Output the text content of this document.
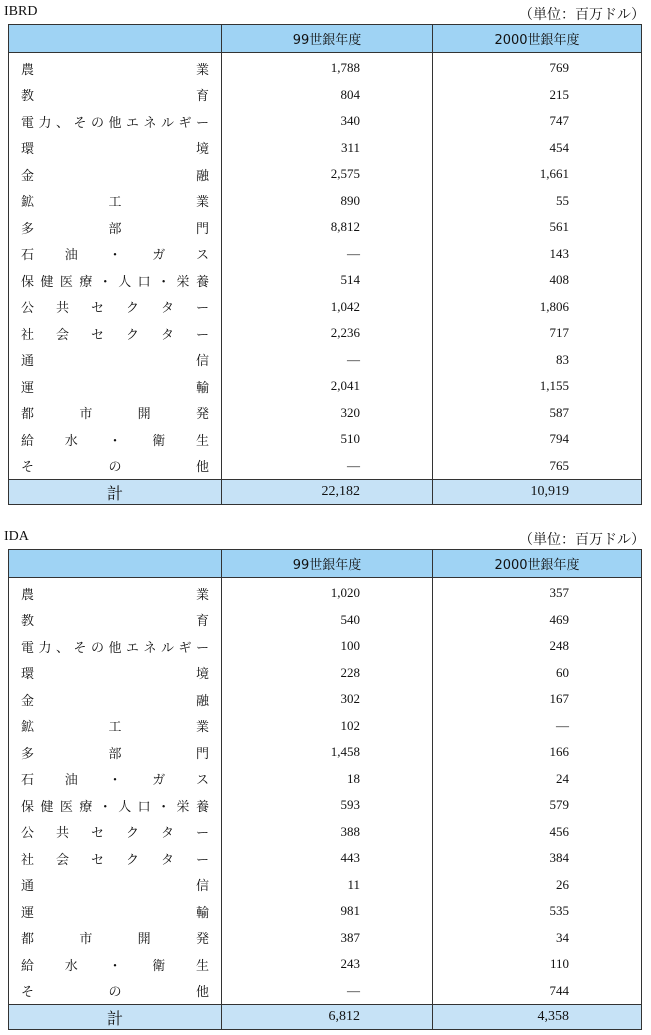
IBRD	（単位：百万ドル）
	99世銀年度	2000世銀年度

農　業	1,788	769

教　育	804	215

電力、その他エネルギー	340	747

環　境	311	454

金　融	2,575	1,661

鉱　工　業	890	55

多　部　門	8,812	561

石　油　・　ガ　ス	—	143

保健医療・人口・栄養	514	408

公　共　セ　ク　タ　ー	1,042	1,806

社　会　セ　ク　タ　ー	2,236	717

通　信	—	83

運　輸	2,041	1,155

都　市　開　発	320	587

給　水　・　衛　生	510	794

そ　の　他	—	765

計	22,182	10,919
IDA	（単位：百万ドル）
	99世銀年度	2000世銀年度

農　業	1,020	357

教　育	540	469

電力、その他エネルギー	100	248

環　境	228	60

金　融	302	167

鉱　工　業	102	—

多　部　門	1,458	166

石　油　・　ガ　ス	18	24

保健医療・人口・栄養	593	579

公　共　セ　ク　タ　ー	388	456

社　会　セ　ク　タ　ー	443	384

通　信	11	26

運　輸	981	535

都　市　開　発	387	34

給　水　・　衛　生	243	110

そ　の　他	—	744

計	6,812	4,358
